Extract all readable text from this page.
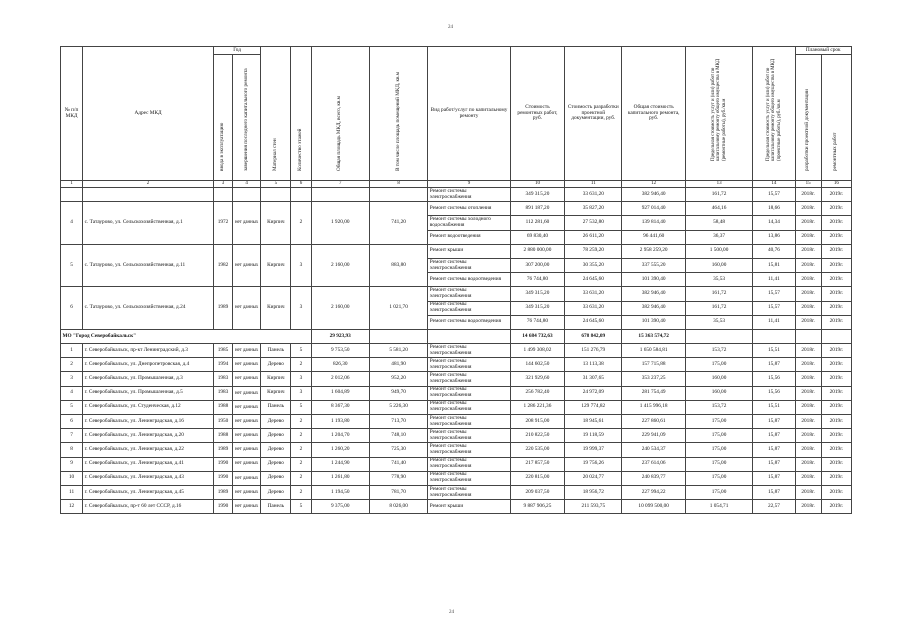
24
№ п/п МКД	Адрес МКД	Год		Материал стен	Количество этажей	Общая площадь МКД, всего, кв.м	В том числе площадь помещений МКД, кв.м	Вид работ/услуг по капитальному ремонту	Стоимость ремонтных работ, руб.	Стоимость разработки проектной документации, руб.	Общая стоимость капитального ремонта, руб.	Предельная стоимость услуг и (или) работ по капитальному ремонту общего имущества в МКД (ремонтные работы), руб./кв.м	Предельная стоимость услуг и (или) работ по капитальному ремонту общего имущества в МКД (проектные работы), руб./кв.м	Плановый срок	

		ввода в эксплуатацию	завершения последнего капитального ремонта											разработки проектной документации	ремонтных работ

1	2	3	4	5	6	7	8	9	10	11	12	13	14	15	16
								Ремонт системы электроснабжения	349 315,20	33 631,20	382 946,40	161,72	15,57	2018г.	2019г.
4	с. Татаурово, ул. Сельскохозяйственная, д.1	1972	нет данных	Кирпич	2	1 920,00	741,20	Ремонт системы отопления	891 187,20	35 827,20	927 014,40	464,16	18,66	2018г.	2019г.
								Ремонт системы холодного водоснабжения	112 281,60	27 532,80	139 814,40	58,48	14,34	2018г.	2019г.
								Ремонт водоотведения	69 830,40	26 611,20	96 441,60	36,37	13,86	2018г.	2019г.
5	с. Татаурово, ул. Сельскохозяйственная, д.11	1982	нет данных	Кирпич	3	2 160,00	883,80	Ремонт крыши	2 880 000,00	78 259,20	2 958 259,20	1 500,00	40,76	2018г.	2019г.
								Ремонт системы электроснабжения	307 200,00	30 355,20	337 555,20	160,00	15,81	2018г.	2019г.
								Ремонт системы водоотведения	76 744,80	24 645,60	101 390,40	35,53	11,41	2018г.	2019г.
6	с. Татаурово, ул. Сельскохозяйственная, д.24	1989	нет данных	Кирпич	3	2 160,00	1 021,70	Ремонт системы электроснабжения	349 315,20	33 631,20	382 946,40	161,72	15,57	2018г.	2019г.
								Ремонт системы электроснабжения	349 315,20	33 631,20	382 946,40	161,72	15,57	2018г.	2019г.
								Ремонт системы водоотведения	76 744,80	24 645,60	101 390,40	35,53	11,41	2018г.	2019г.
МО "Город Северобайкальск"						29 923,93			14 684 732,63	678 842,09	15 363 574,72				
1	г. Северобайкальск, пр-кт Ленинградский, д.3	1985	нет данных	Панель	5	9 753,50	5 581,20	Ремонт системы электроснабжения	1 499 308,02	151 276,79	1 650 584,81	153,72	15,51	2018г.	2019г.
2	г. Северобайкальск, ул. Днепропетровская, д.4	1994	нет данных	Дерево	2	826,30	481,90	Ремонт системы электроснабжения	144 602,50	13 113,38	157 715,88	175,00	15,87	2018г.	2019г.
3	г. Северобайкальск, ул. Промышленная, д.3	1983	нет данных	Кирпич	3	2 012,06	952,20	Ремонт системы электроснабжения	321 929,60	31 307,65	353 237,25	160,00	15,56	2018г.	2019г.
4	г. Северобайкальск, ул. Промышленная, д.5	1983	нет данных	Кирпич	3	1 604,89	949,70	Ремонт системы электроснабжения	256 782,40	24 972,09	281 754,49	160,00	15,56	2018г.	2019г.
5	г. Северобайкальск, ул. Студенческая, д.12	1988	нет данных	Панель	5	8 367,30	5 226,30	Ремонт системы электроснабжения	1 286 221,36	129 774,82	1 415 996,18	153,72	15,51	2018г.	2019г.
6	г. Северобайкальск, ул. Ленинградская, д.16	1950	нет данных	Дерево	2	1 193,80	713,70	Ремонт системы электроснабжения	208 915,00	18 945,61	227 860,61	175,00	15,87	2018г.	2019г.
7	г. Северобайкальск, ул. Ленинградская, д.20	1988	нет данных	Дерево	2	1 204,70	748,10	Ремонт системы электроснабжения	210 822,50	19 118,59	229 941,09	175,00	15,87	2018г.	2019г.
8	г. Северобайкальск, ул. Ленинградская, д.22	1989	нет данных	Дерево	2	1 260,20	725,30	Ремонт системы электроснабжения	220 535,00	19 999,37	240 534,37	175,00	15,87	2018г.	2019г.
9	г. Северобайкальск, ул. Ленинградская, д.41	1990	нет данных	Дерево	2	1 244,90	741,40	Ремонт системы электроснабжения	217 857,50	19 756,26	237 614,06	175,00	15,87	2018г.	2019г.
10	г. Северобайкальск, ул. Ленинградская, д.43	1990	нет данных	Дерево	2	1 261,80	778,90	Ремонт системы электроснабжения	220 815,00	20 024,77	240 839,77	175,00	15,87	2018г.	2019г.
11	г. Северобайкальск, ул. Ленинградская, д.45	1989	нет данных	Дерево	2	1 194,50	781,70	Ремонт системы электроснабжения	209 037,50	18 956,72	227 994,22	175,00	15,87	2018г.	2019г.
12	г. Северобайкальск, пр-т 60 лет СССР, д.16	1990	нет данных	Панель	5	9 375,00	8 026,00	Ремонт крыши	9 887 906,25	211 593,75	10 099 500,00	1 054,71	22,57	2018г.	2019г.
24
